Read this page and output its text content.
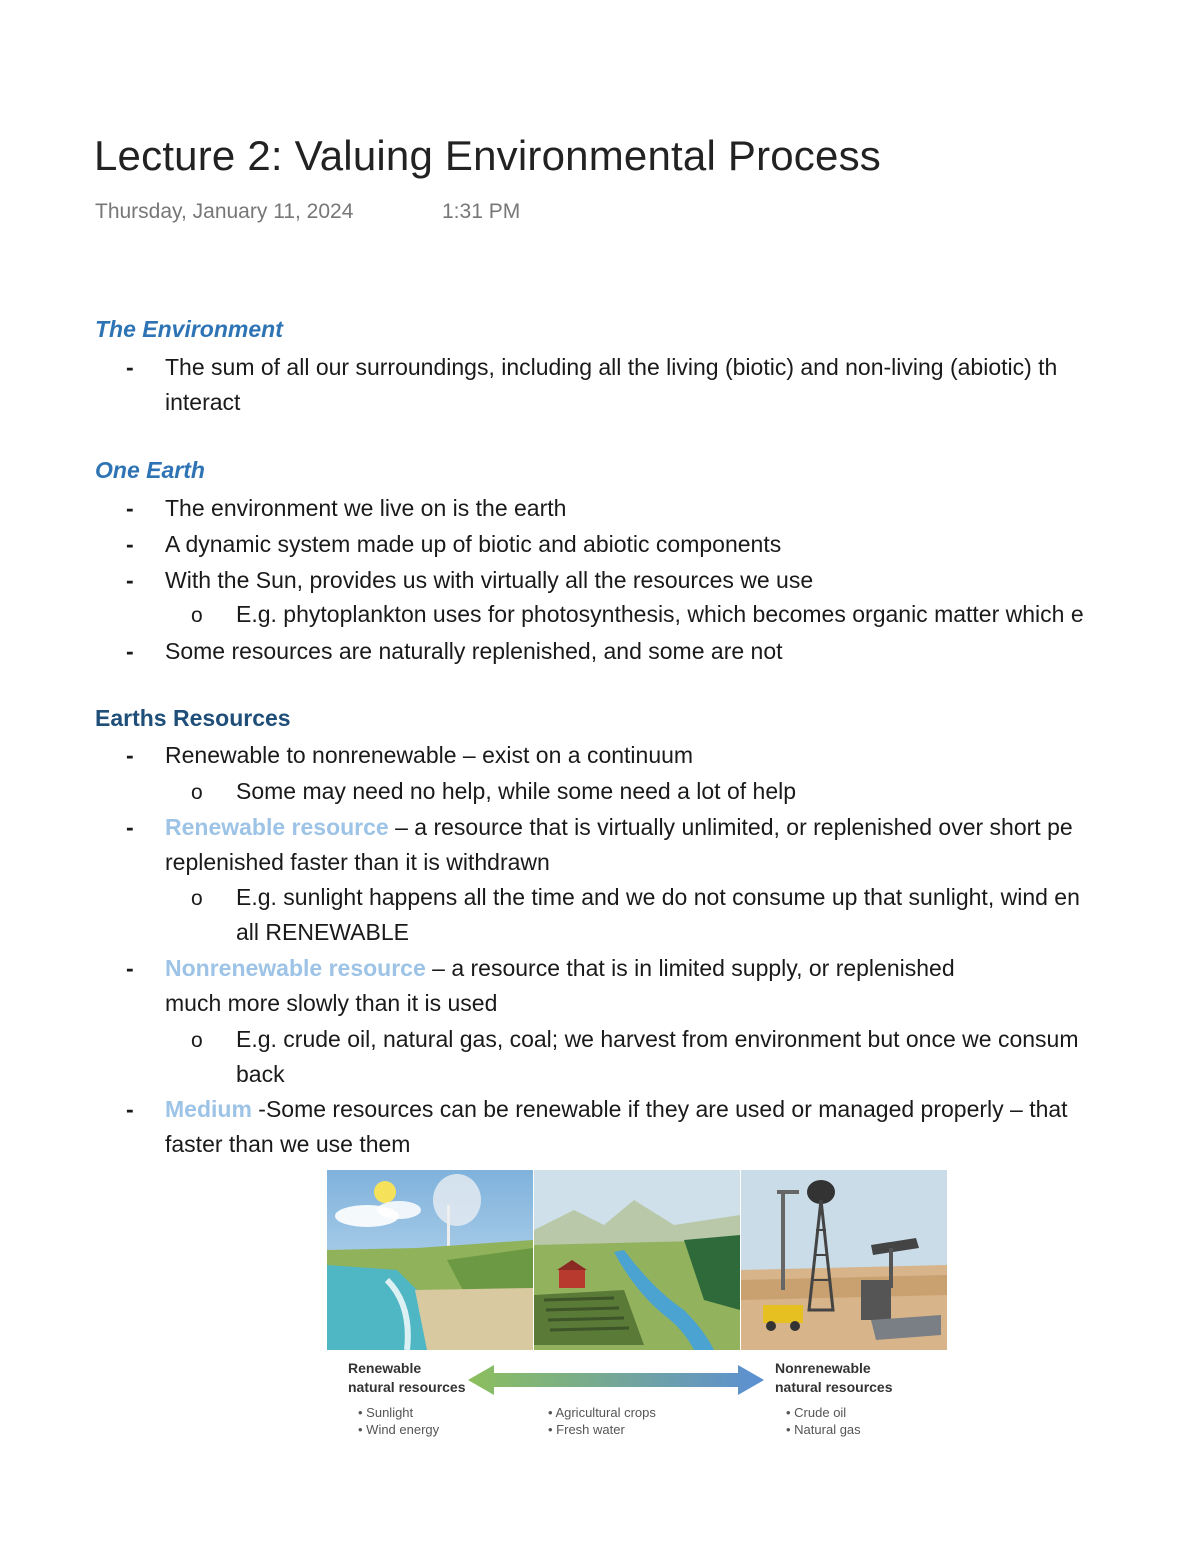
Lecture 2: Valuing Environmental Process
Thursday, January 11, 2024	1:31 PM
The Environment
- The sum of all our surroundings, including all the living (biotic) and non-living (abiotic) th
interact
One Earth
- The environment we live on is the earth
- A dynamic system made up of biotic and abiotic components
- With the Sun, provides us with virtually all the resources we use
o E.g. phytoplankton uses for photosynthesis, which becomes organic matter which e
- Some resources are naturally replenished, and some are not
Earths Resources
- Renewable to nonrenewable – exist on a continuum
o Some may need no help, while some need a lot of help
- Renewable resource – a resource that is virtually unlimited, or replenished over short pe
replenished faster than it is withdrawn
o E.g. sunlight happens all the time and we do not consume up that sunlight, wind en
all RENEWABLE
- Nonrenewable resource – a resource that is in limited supply, or replenished
much more slowly than it is used
o E.g. crude oil, natural gas, coal; we harvest from environment but once we consum
back
- Medium -Some resources can be renewable if they are used or managed properly – that
faster than we use them
Renewable
natural resources
• Sunlight
• Wind energy
• Agricultural crops
• Fresh water
Nonrenewable
natural resources
• Crude oil
• Natural gas
